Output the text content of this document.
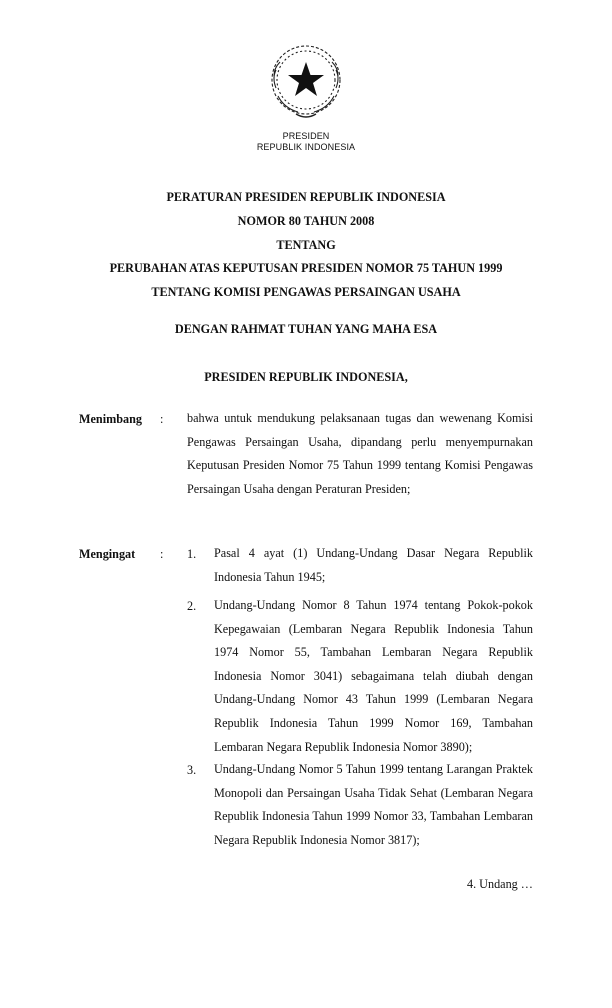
PRESIDEN
REPUBLIK INDONESIA
PERATURAN PRESIDEN REPUBLIK INDONESIA
NOMOR 80 TAHUN 2008
TENTANG
PERUBAHAN ATAS KEPUTUSAN PRESIDEN NOMOR 75 TAHUN 1999
TENTANG KOMISI PENGAWAS PERSAINGAN USAHA
DENGAN RAHMAT TUHAN YANG MAHA ESA
PRESIDEN REPUBLIK INDONESIA,
Menimbang : bahwa untuk mendukung pelaksanaan tugas dan wewenang Komisi Pengawas Persaingan Usaha, dipandang perlu menyempurnakan Keputusan Presiden Nomor 75 Tahun 1999 tentang Komisi Pengawas Persaingan Usaha dengan Peraturan Presiden;
Mengingat : 1. Pasal 4 ayat (1) Undang-Undang Dasar Negara Republik Indonesia Tahun 1945;
2. Undang-Undang Nomor 8 Tahun 1974 tentang Pokok-pokok Kepegawaian (Lembaran Negara Republik Indonesia Tahun 1974 Nomor 55, Tambahan Lembaran Negara Republik Indonesia Nomor 3041) sebagaimana telah diubah dengan Undang-Undang Nomor 43 Tahun 1999 (Lembaran Negara Republik Indonesia Tahun 1999 Nomor 169, Tambahan Lembaran Negara Republik Indonesia Nomor 3890);
3. Undang-Undang Nomor 5 Tahun 1999 tentang Larangan Praktek Monopoli dan Persaingan Usaha Tidak Sehat (Lembaran Negara Republik Indonesia Tahun 1999 Nomor 33, Tambahan Lembaran Negara Republik Indonesia Nomor 3817);
4. Undang …
